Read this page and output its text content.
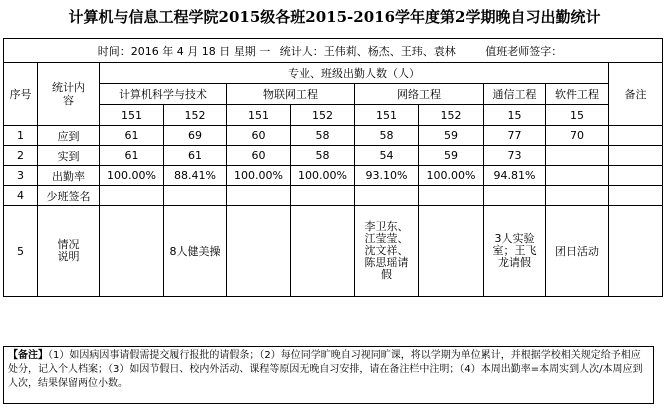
计算机与信息工程学院2015级各班2015-2016学年度第2学期晚自习出勤统计
时间：2016 年 4 月 18 日 星期 一 统计人：王伟莉、杨杰、王玮、袁林 值班老师签字：										
序号	统计内容	专业、班级出勤人数（人）								备注
		计算机科学与技术		物联网工程		网络工程		通信工程	软件工程	
		151	152	151	152	151	152	15	15	
1	应到	61	69	60	58	58	59	77	70	
2	实到	61	61	60	58	54	59	73		
3	出勤率	100.00%	88.41%	100.00%	100.00%	93.10%	100.00%	94.81%		
4	少班签名									
5	情况说明		8人健美操			李卫东、江莹莹、沈文祥、陈思瑶请假		3人实验室；王飞龙请假	团日活动	
【备注】（1）如因病因事请假需提交履行报批的请假条；（2）每位同学旷晚自习视同旷课，将以学期为单位累计，并根据学校相关规定给予相应处分，记入个人档案；（3）如因节假日、校内外活动、课程等原因无晚自习安排，请在备注栏中注明；（4）本周出勤率=本周实到人次/本周应到人次，结果保留两位小数。
